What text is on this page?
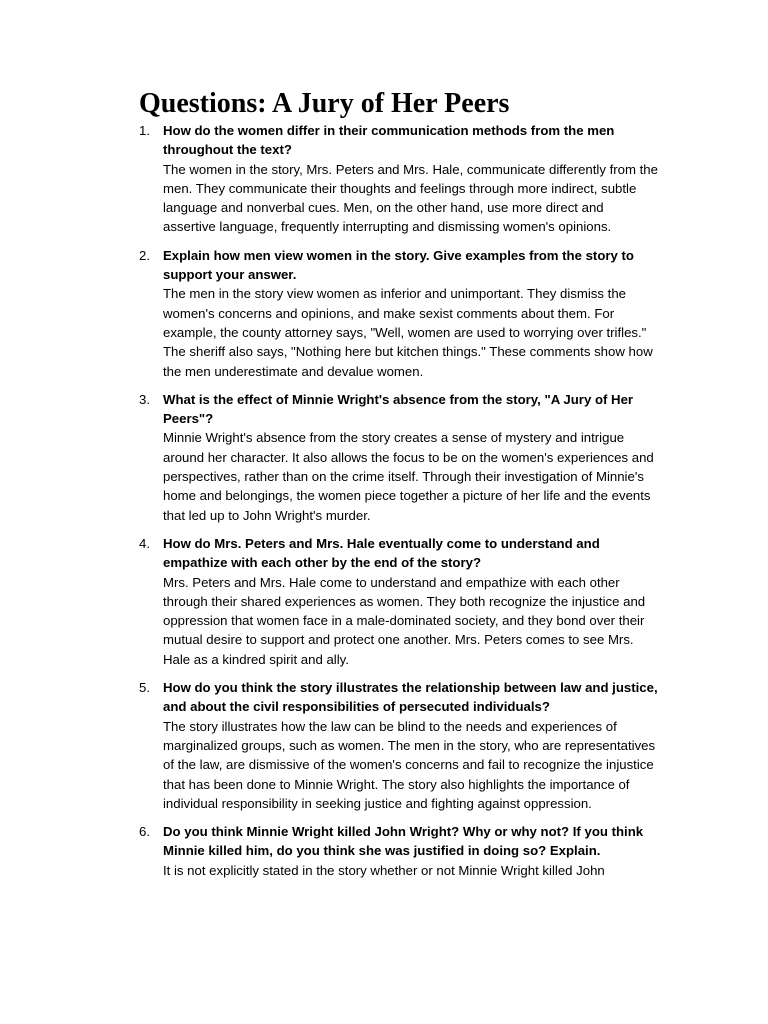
Questions: A Jury of Her Peers
1. How do the women differ in their communication methods from the men throughout the text?

The women in the story, Mrs. Peters and Mrs. Hale, communicate differently from the men. They communicate their thoughts and feelings through more indirect, subtle language and nonverbal cues. Men, on the other hand, use more direct and assertive language, frequently interrupting and dismissing women's opinions.

2. Explain how men view women in the story. Give examples from the story to support your answer.

The men in the story view women as inferior and unimportant. They dismiss the women's concerns and opinions, and make sexist comments about them. For example, the county attorney says, "Well, women are used to worrying over trifles." The sheriff also says, "Nothing here but kitchen things." These comments show how the men underestimate and devalue women.

3. What is the effect of Minnie Wright's absence from the story, "A Jury of Her Peers"?

Minnie Wright's absence from the story creates a sense of mystery and intrigue around her character. It also allows the focus to be on the women's experiences and perspectives, rather than on the crime itself. Through their investigation of Minnie's home and belongings, the women piece together a picture of her life and the events that led up to John Wright's murder.

4. How do Mrs. Peters and Mrs. Hale eventually come to understand and empathize with each other by the end of the story?

Mrs. Peters and Mrs. Hale come to understand and empathize with each other through their shared experiences as women. They both recognize the injustice and oppression that women face in a male-dominated society, and they bond over their mutual desire to support and protect one another. Mrs. Peters comes to see Mrs. Hale as a kindred spirit and ally.

5. How do you think the story illustrates the relationship between law and justice, and about the civil responsibilities of persecuted individuals?

The story illustrates how the law can be blind to the needs and experiences of marginalized groups, such as women. The men in the story, who are representatives of the law, are dismissive of the women's concerns and fail to recognize the injustice that has been done to Minnie Wright. The story also highlights the importance of individual responsibility in seeking justice and fighting against oppression.

6. Do you think Minnie Wright killed John Wright? Why or why not? If you think Minnie killed him, do you think she was justified in doing so? Explain.

It is not explicitly stated in the story whether or not Minnie Wright killed John
